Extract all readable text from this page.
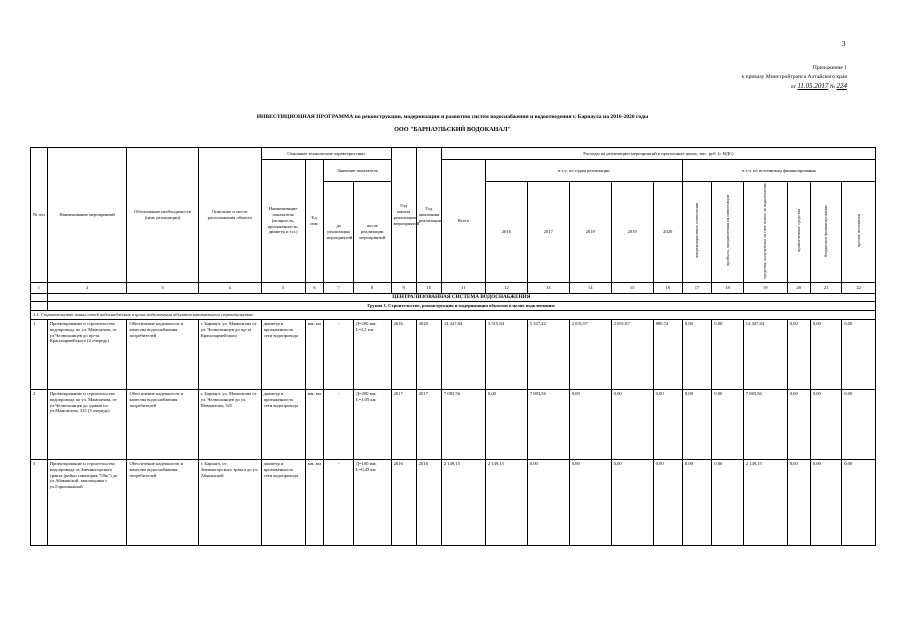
3
Приложение 1
к приказу Минстройтранса Алтайского края
от 11.05.2017 № 224
ИНВЕСТИЦИОННАЯ ПРОГРАММА по реконструкции, модернизации и развитию систем водоснабжения и водоотведения г. Барнаула на 2016-2020 годы
ООО "БАРНАУЛЬСКИЙ ВОДОКАНАЛ"
№ п/п	Наименование мероприятий	Обоснование необходимости (цель реализации)	Описание и место расположения объекта	Основные технические характеристики				Год начала реализации мероприятий	Год окончания реализации	Расходы на реализацию мероприятий в прогнозных ценах, тыс. руб. (с НДС)											
				Наименование показателя (мощность, протяженность, диаметр и т.п.)	Ед. изм.	Значение показателя				Всего	в т.ч. по годам реализации					в т.ч. по источникам финансирования					
						до реализации мероприятий	после реализации мероприятий				2016	2017	2018	2019	2020	амортизационные отчисления	прибыль, направленная на инвестиции	средства, полученные за счет платы за подключение	привлеченные средства	бюджетное финансирование	прочие источники
1	2	3	4	5	6	7	8	9	10	11	12	13	14	15	16	17	18	19	20	21	22
	ЦЕНТРАЛИЗОВАННАЯ СИСТЕМА ВОДОСНАБЖЕНИЯ																				
	Группа 1. Строительство, реконструкция и модернизация объектов в целях подключения:																				
1.1. Строительство новых сетей водоснабжения в целях подключения объектов капитального строительства:																					
1	Проектирование и строительство водопровода по ул. Мамонтова, от ул.Челюскинцев до пр-та Красноармейского (2 очередь)	Обеспечение надежности и качества водоснабжения потребителей	г. Барнаул, ул. Мамонтова от ул. Челюскинцев до пр-та Красноармейского	диаметр и протяженность сети водопровода	мм, км	-	Д=200 мм, L=2,1 км	2016	2020	14 447,84	3 515,84	5 327,42	2 031,97	2 691,87	880,74	0,00	0,00	14 447,84	0,00	0,00	0,00
2	Проектирование и строительство водопровода по ул. Мамонтова, от ул.Челюскинцев до здания по ул.Мамонтова, 325 (3 очередь)	Обеспечение надежности и качества водоснабжения потребителей	г. Барнаул, ул. Мамонтова от ул. Челюскинцев до ул. Мамонтова, 325	диаметр и протяженность сети водопровода	мм, км	-	Д=200 мм, L=1,05 км	2017	2017	7 083,56	0,00	7 083,56	0,00	0,00	0,00	0,00	0,00	7 083,56	0,00	0,00	0,00
3	Проектирование и строительство водопровода от Змеиногорского тракта (район санатория "Обь") до ул.Абаканской, закольцовка с ул.Горнолыжной	Обеспечение надежности и качества водоснабжения потребителей	г. Барнаул, от Змеиногорского тракта до ул. Абаканской	диаметр и протяженность сети водопровода	мм, км	-	Д=100 мм, L=0,43 км	2016	2016	2 149,15	2 149,15	0,00	0,00	0,00	0,00	0,00	0,00	2 149,15	0,00	0,00	0,00
